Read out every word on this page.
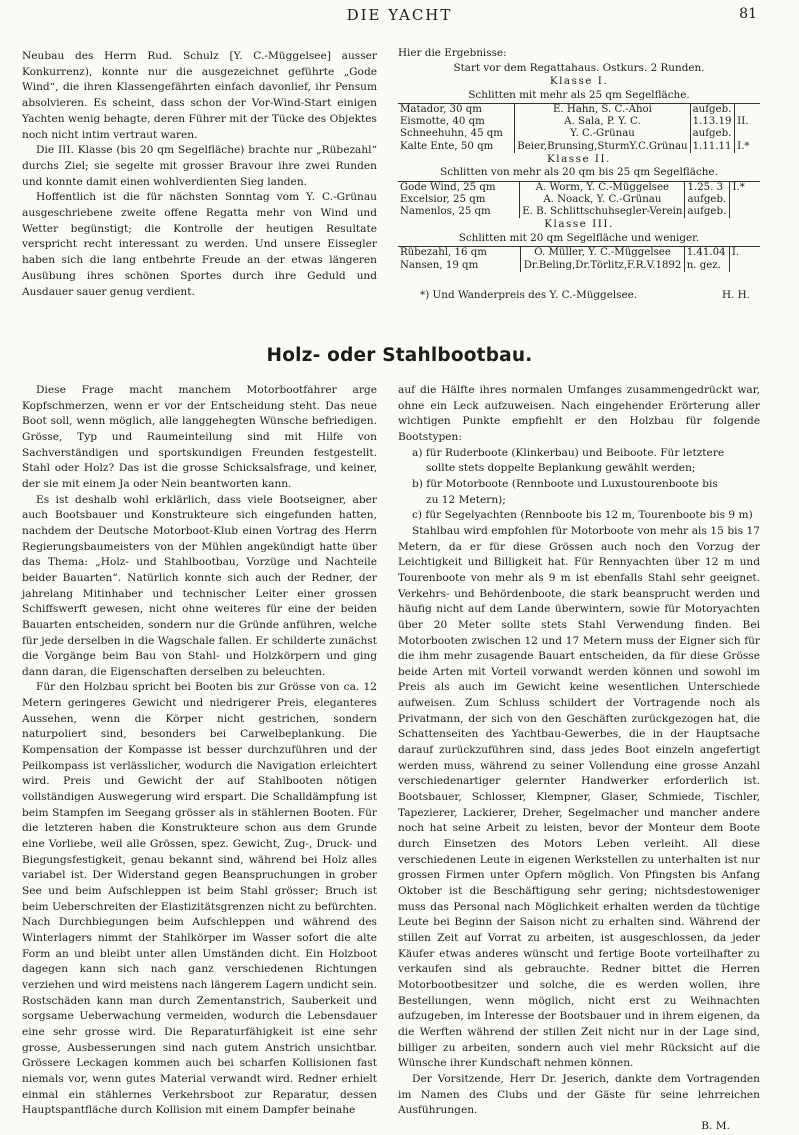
DIE YACHT	81

Neubau des Herrn Rud. Schulz [Y. C.-Müggelsee] ausser Konkurrenz), konnte nur die ausgezeichnet geführte „Gode Wind“, die ihren Klassengefährten einfach davonlief, ihr Pensum absolvieren. Es scheint, dass schon der Vor-Wind-Start einigen Yachten wenig behagte, deren Führer mit der Tücke des Objektes noch nicht intim vertraut waren.

Die III. Klasse (bis 20 qm Segelfläche) brachte nur „Rübezahl“ durchs Ziel; sie segelte mit grosser Bravour ihre zwei Runden und konnte damit einen wohlverdienten Sieg landen.

Hoffentlich ist die für nächsten Sonntag vom Y. C.-Grünau ausgeschriebene zweite offene Regatta mehr von Wind und Wetter begünstigt; die Kontrolle der heutigen Resultate verspricht recht interessant zu werden. Und unsere Eissegler haben sich die lang entbehrte Freude an der etwas längeren Ausübung ihres schönen Sportes durch ihre Geduld und Ausdauer sauer genug verdient.

Hier die Ergebnisse:
Start vor dem Regattahaus. Ostkurs. 2 Runden.
Klasse I.
Schlitten mit mehr als 25 qm Segelfläche.
Matador, 30 qm	E. Hahn, S. C.-Ahoi	aufgeb.	
Eismotte, 40 qm	A. Sala, P. Y. C.	1.13.19	II.
Schneehuhn, 45 qm	Y. C.-Grünau	aufgeb.	
Kalte Ente, 50 qm	Beier,Brunsing,SturmY.C.Grünau	1.11.11	I.*
Klasse II.
Schlitten von mehr als 20 qm bis 25 qm Segelfläche.
Gode Wind, 25 qm	A. Worm, Y. C.-Müggelsee	1.25. 3	I.*
Excelsior, 25 qm	A. Noack, Y. C.-Grünau	aufgeb.	
Namenlos, 25 qm	E. B. Schlittschuhsegler-Verein	aufgeb.	
Klasse III.
Schlitten mit 20 qm Segelfläche und weniger.
Rübezahl, 16 qm	O. Müller, Y. C.-Müggelsee	1.41.04	I.
Nansen, 19 qm	Dr.Beling,Dr.Törlitz,F.R.V.1892	n. gez.	
*) Und Wanderpreis des Y. C.-Müggelsee.	H. H.
Holz- oder Stahlbootbau.

Diese Frage macht manchem Motorbootfahrer arge Kopfschmerzen, wenn er vor der Entscheidung steht. Das neue Boot soll, wenn möglich, alle langgehegten Wünsche befriedigen. Grösse, Typ und Raumeinteilung sind mit Hilfe von Sachverständigen und sportskundigen Freunden festgestellt. Stahl oder Holz? Das ist die grosse Schicksalsfrage, und keiner, der sie mit einem Ja oder Nein beantworten kann.

Es ist deshalb wohl erklärlich, dass viele Bootseigner, aber auch Bootsbauer und Konstrukteure sich eingefunden hatten, nachdem der Deutsche Motorboot-Klub einen Vortrag des Herrn Regierungsbaumeisters von der Mühlen angekündigt hatte über das Thema: „Holz- und Stahlbootbau, Vorzüge und Nachteile beider Bauarten“. Natürlich konnte sich auch der Redner, der jahrelang Mitinhaber und technischer Leiter einer grossen Schiffswerft gewesen, nicht ohne weiteres für eine der beiden Bauarten entscheiden, sondern nur die Gründe anführen, welche für jede derselben in die Wagschale fallen. Er schilderte zunächst die Vorgänge beim Bau von Stahl- und Holzkörpern und ging dann daran, die Eigenschaften derselben zu beleuchten.

Für den Holzbau spricht bei Booten bis zur Grösse von ca. 12 Metern geringeres Gewicht und niedrigerer Preis, eleganteres Aussehen, wenn die Körper nicht gestrichen, sondern naturpoliert sind, besonders bei Carwelbeplankung. Die Kompensation der Kompasse ist besser durchzuführen und der Peilkompass ist verlässlicher, wodurch die Navigation erleichtert wird. Preis und Gewicht der auf Stahlbooten nötigen vollständigen Auswegerung wird erspart. Die Schalldämpfung ist beim Stampfen im Seegang grösser als in stählernen Booten. Für die letzteren haben die Konstrukteure schon aus dem Grunde eine Vorliebe, weil alle Grössen, spez. Gewicht, Zug-, Druck- und Biegungsfestigkeit, genau bekannt sind, während bei Holz alles variabel ist. Der Widerstand gegen Beanspruchungen in grober See und beim Aufschleppen ist beim Stahl grösser; Bruch ist beim Ueberschreiten der Elastizitätsgrenzen nicht zu befürchten. Nach Durchbiegungen beim Aufschleppen und während des Winterlagers nimmt der Stahlkörper im Wasser sofort die alte Form an und bleibt unter allen Umständen dicht. Ein Holzboot dagegen kann sich nach ganz verschiedenen Richtungen verziehen und wird meistens nach längerem Lagern undicht sein. Rostschäden kann man durch Zementanstrich, Sauberkeit und sorgsame Ueberwachung vermeiden, wodurch die Lebensdauer eine sehr grosse wird. Die Reparaturfähigkeit ist eine sehr grosse, Ausbesserungen sind nach gutem Anstrich unsichtbar. Grössere Leckagen kommen auch bei scharfen Kollisionen fast niemals vor, wenn gutes Material verwandt wird. Redner erhielt einmal ein stählernes Verkehrsboot zur Reparatur, dessen Hauptspantfläche durch Kollision mit einem Dampfer beinahe

auf die Hälfte ihres normalen Umfanges zusammengedrückt war, ohne ein Leck aufzuweisen. Nach eingehender Erörterung aller wichtigen Punkte empfiehlt er den Holzbau für folgende Bootstypen:

a) für Ruderboote (Klinkerbau) und Beiboote. Für letztere
sollte stets doppelte Beplankung gewählt werden;

b) für Motorboote (Rennboote und Luxustourenboote bis
zu 12 Metern);

c) für Segelyachten (Rennboote bis 12 m, Tourenboote bis 9 m)

Stahlbau wird empfohlen für Motorboote von mehr als 15 bis 17 Metern, da er für diese Grössen auch noch den Vorzug der Leichtigkeit und Billigkeit hat. Für Rennyachten über 12 m und Tourenboote von mehr als 9 m ist ebenfalls Stahl sehr geeignet. Verkehrs- und Behördenboote, die stark beansprucht werden und häufig nicht auf dem Lande überwintern, sowie für Motoryachten über 20 Meter sollte stets Stahl Verwendung finden. Bei Motorbooten zwischen 12 und 17 Metern muss der Eigner sich für die ihm mehr zusagende Bauart entscheiden, da für diese Grösse beide Arten mit Vorteil vorwandt werden können und sowohl im Preis als auch im Gewicht keine wesentlichen Unterschiede aufweisen. Zum Schluss schildert der Vortragende noch als Privatmann, der sich von den Geschäften zurückgezogen hat, die Schattenseiten des Yachtbau-Gewerbes, die in der Hauptsache darauf zurückzuführen sind, dass jedes Boot einzeln angefertigt werden muss, während zu seiner Vollendung eine grosse Anzahl verschiedenartiger gelernter Handwerker erforderlich ist. Bootsbauer, Schlosser, Klempner, Glaser, Schmiede, Tischler, Tapezierer, Lackierer, Dreher, Segelmacher und mancher andere noch hat seine Arbeit zu leisten, bevor der Monteur dem Boote durch Einsetzen des Motors Leben verleiht. All diese verschiedenen Leute in eigenen Werkstellen zu unterhalten ist nur grossen Firmen unter Opfern möglich. Von Pfingsten bis Anfang Oktober ist die Beschäftigung sehr gering; nichtsdestoweniger muss das Personal nach Möglichkeit erhalten werden da tüchtige Leute bei Beginn der Saison nicht zu erhalten sind. Während der stillen Zeit auf Vorrat zu arbeiten, ist ausgeschlossen, da jeder Käufer etwas anderes wünscht und fertige Boote vorteilhafter zu verkaufen sind als gebrauchte. Redner bittet die Herren Motorbootbesitzer und solche, die es werden wollen, ihre Bestellungen, wenn möglich, nicht erst zu Weihnachten aufzugeben, im Interesse der Bootsbauer und in ihrem eigenen, da die Werften während der stillen Zeit nicht nur in der Lage sind, billiger zu arbeiten, sondern auch viel mehr Rücksicht auf die Wünsche ihrer Kundschaft nehmen können.

Der Vorsitzende, Herr Dr. Jeserich, dankte dem Vortragenden im Namen des Clubs und der Gäste für seine lehrreichen Ausführungen.

B. M.
